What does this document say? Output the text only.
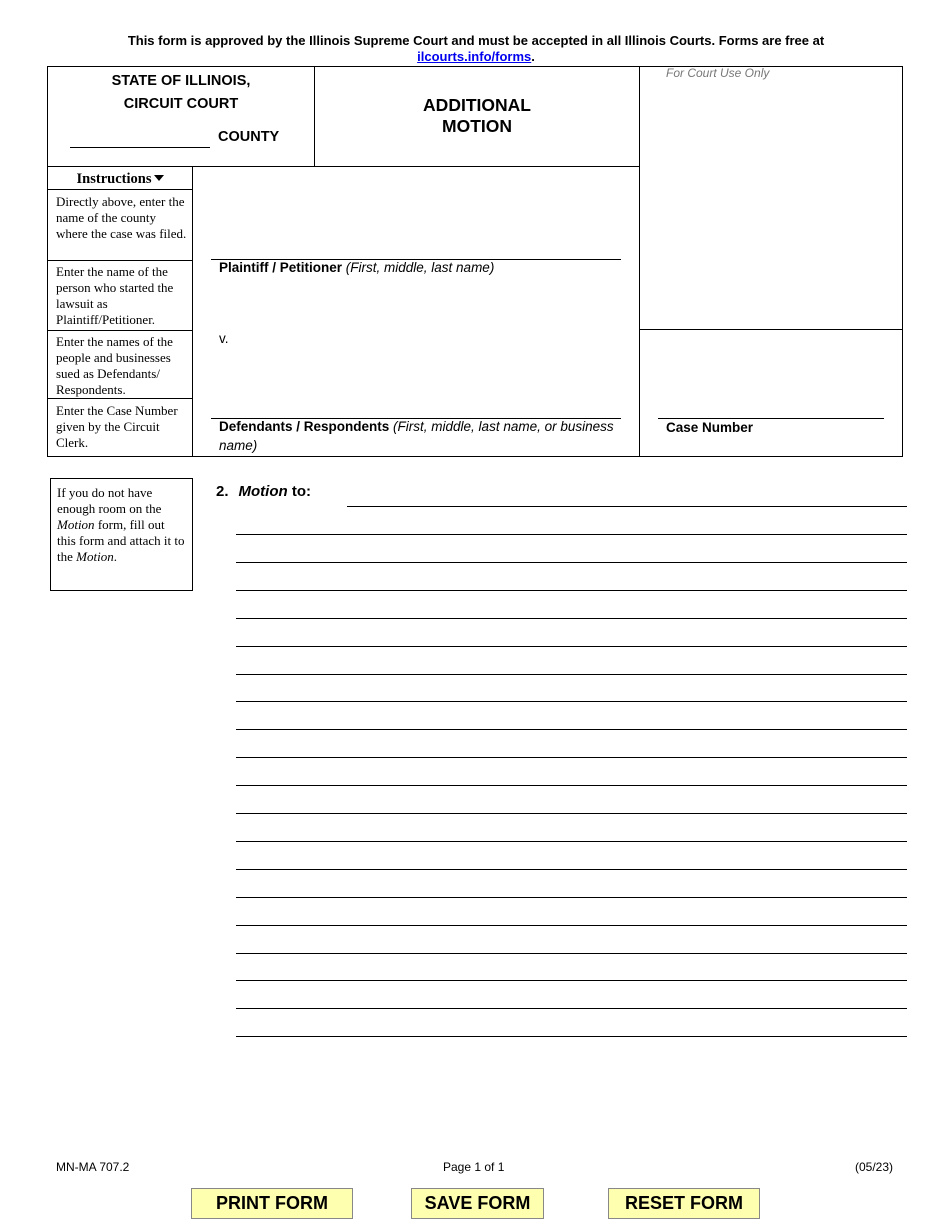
This form is approved by the Illinois Supreme Court and must be accepted in all Illinois Courts. Forms are free at
ilcourts.info/forms.
STATE OF ILLINOIS,
CIRCUIT COURT
COUNTY
ADDITIONAL
MOTION
For Court Use Only
Instructions
Directly above, enter the name of the county where the case was filed.
Enter the name of the person who started the lawsuit as Plaintiff/Petitioner.
Enter the names of the people and businesses sued as Defendants/ Respondents.
Enter the Case Number given by the Circuit Clerk.
Plaintiff / Petitioner (First, middle, last name)
v.
Defendants / Respondents (First, middle, last name, or business name)
Case Number
If you do not have enough room on the Motion form, fill out this form and attach it to the Motion.
2. Motion to:
MN-MA 707.2	Page 1 of 1	(05/23)
PRINT FORM	SAVE FORM	RESET FORM
